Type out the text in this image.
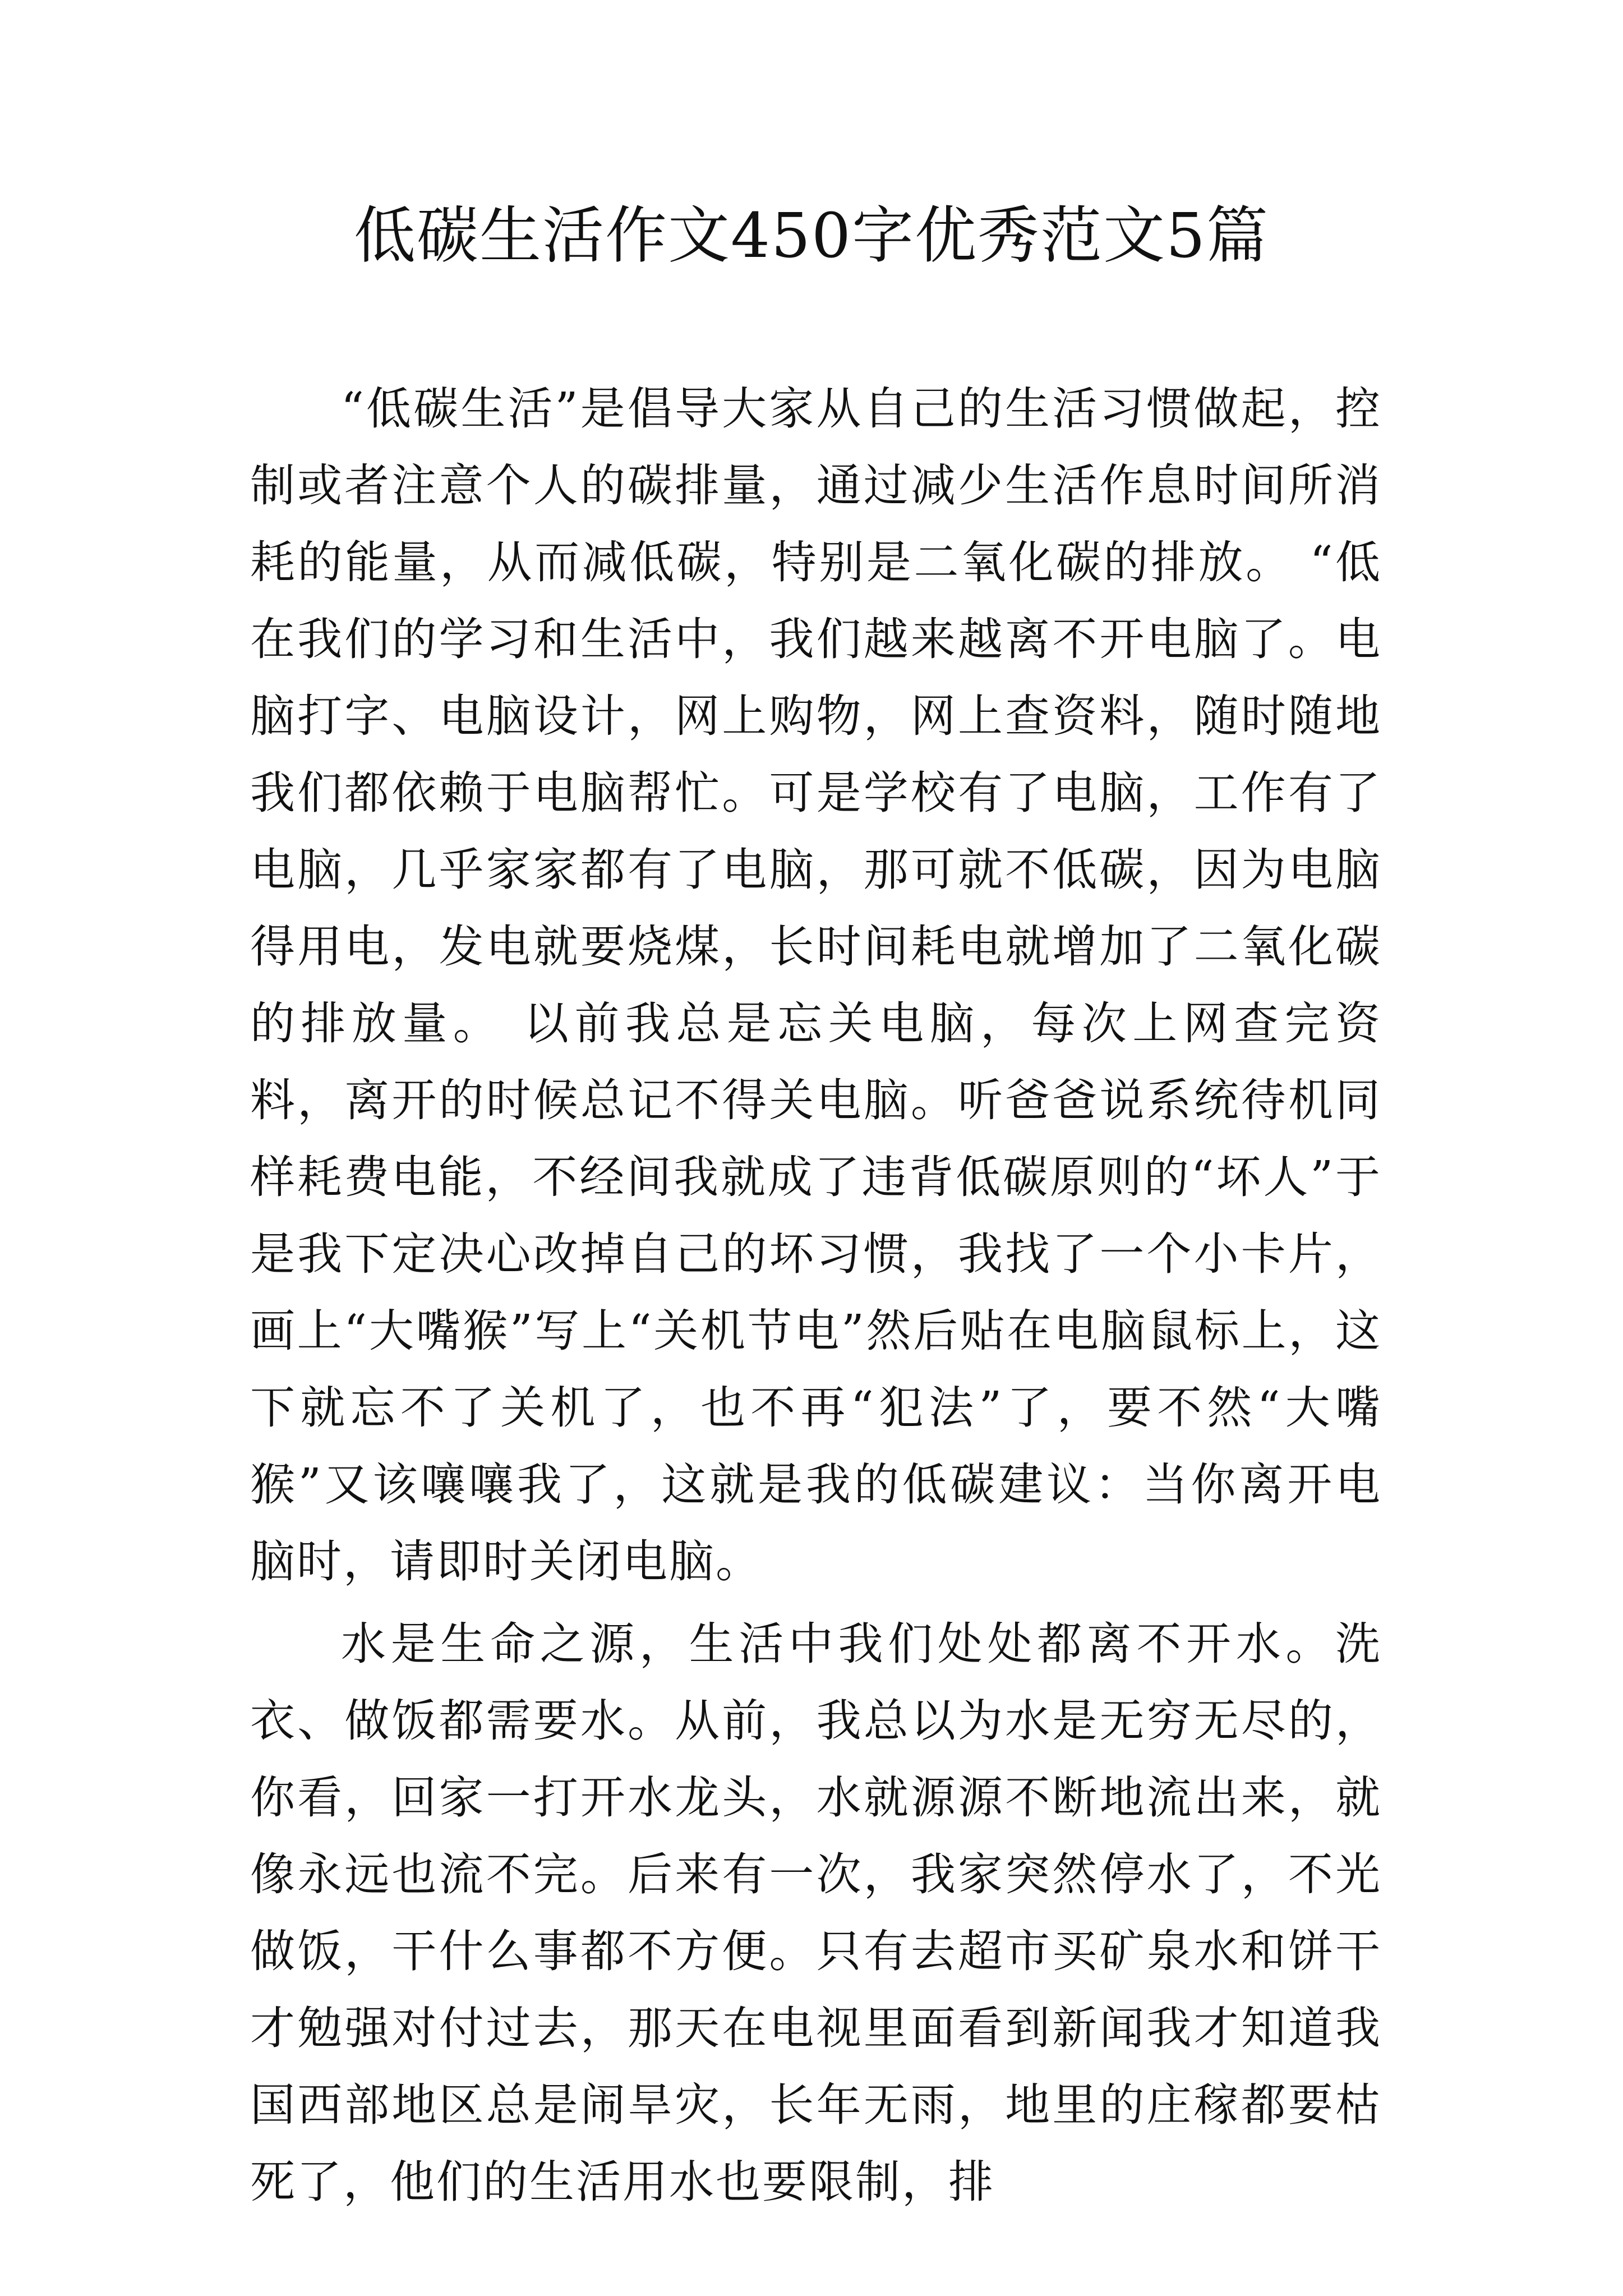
低碳生活作文450字优秀范文5篇

“低碳生活”是倡导大家从自己的生活习惯做起，控制或者注意个人的碳排量，通过减少生活作息时间所消耗的能量，从而减低碳，特别是二氧化碳的排放。 “低 在我们的学习和生活中，我们越来越离不开电脑了。电脑打字、电脑设计，网上购物，网上查资料，随时随地我们都依赖于电脑帮忙。可是学校有了电脑，工作有了电脑，几乎家家都有了电脑，那可就不低碳，因为电脑得用电，发电就要烧煤，长时间耗电就增加了二氧化碳的排放量。 以前我总是忘关电脑，每次上网查完资料，离开的时候总记不得关电脑。听爸爸说系统待机同样耗费电能，不经间我就成了违背低碳原则的“坏人”于是我下定决心改掉自己的坏习惯，我找了一个小卡片，画上“大嘴猴”写上“关机节电”然后贴在电脑鼠标上，这下就忘不了关机了，也不再“犯法”了，要不然“大嘴猴”又该嚷嚷我了，这就是我的低碳建议：当你离开电脑时，请即时关闭电脑。

水是生命之源，生活中我们处处都离不开水。洗衣、做饭都需要水。从前，我总以为水是无穷无尽的，你看，回家一打开水龙头，水就源源不断地流出来，就像永远也流不完。后来有一次，我家突然停水了，不光做饭，干什么事都不方便。只有去超市买矿泉水和饼干才勉强对付过去，那天在电视里面看到新闻我才知道我国西部地区总是闹旱灾，长年无雨，地里的庄稼都要枯死了，他们的生活用水也要限制，排
